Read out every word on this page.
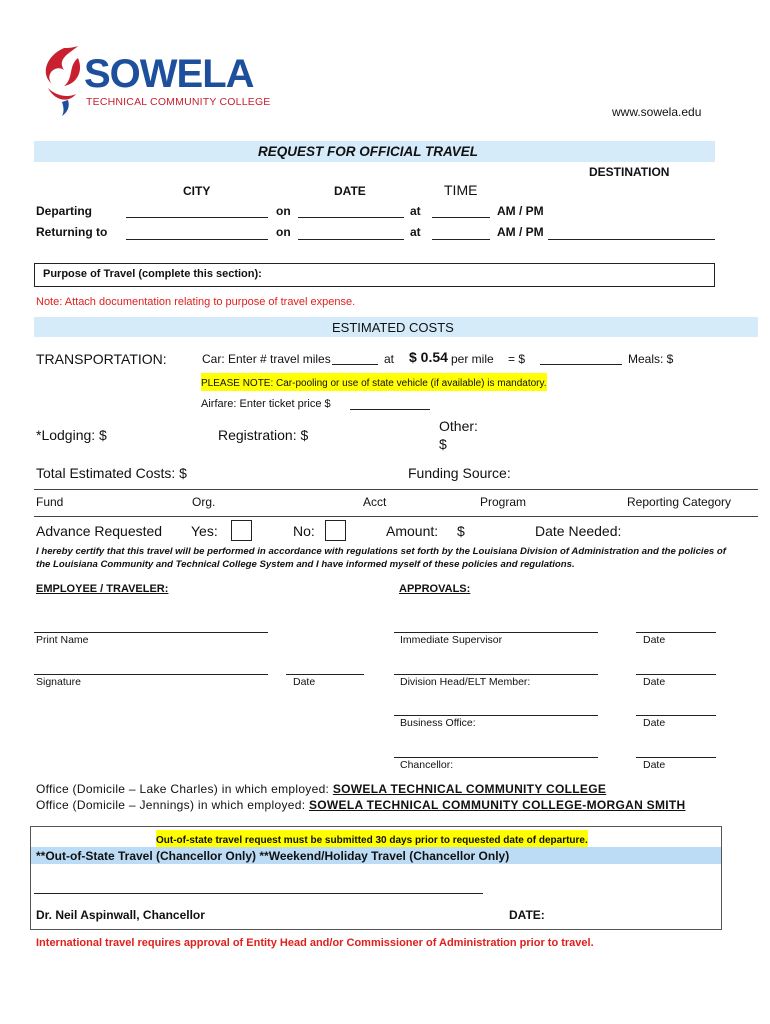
SOWELA
TECHNICAL COMMUNITY COLLEGE
www.sowela.edu
REQUEST FOR OFFICIAL TRAVEL
DESTINATION
CITY	DATE	TIME
Departing	on	at	AM / PM
Returning to	on	at	AM / PM
Purpose of Travel (complete this section):
Note: Attach documentation relating to purpose of travel expense.
ESTIMATED COSTS
TRANSPORTATION:	Car: Enter # travel miles	at $ 0.54 per mile = $	Meals: $
PLEASE NOTE: Car-pooling or use of state vehicle (if available) is mandatory.
Airfare: Enter ticket price $
*Lodging: $	Registration: $
Other:
$
Total Estimated Costs: $	Funding Source:
Fund	Org.	Acct	Program	Reporting Category
Advance Requested Yes:	No:	Amount: $	Date Needed:
I hereby certify that this travel will be performed in accordance with regulations set forth by the Louisiana Division of Administration and the policies of the Louisiana Community and Technical College System and I have informed myself of these policies and regulations.
EMPLOYEE / TRAVELER:	APPROVALS:
Print Name	Immediate Supervisor	Date
Signature	Date	Division Head/ELT Member:	Date
Business Office:	Date
Chancellor:	Date
Office (Domicile – Lake Charles) in which employed: SOWELA TECHNICAL COMMUNITY COLLEGE
Office (Domicile – Jennings) in which employed: SOWELA TECHNICAL COMMUNITY COLLEGE-MORGAN SMITH
Out-of-state travel request must be submitted 30 days prior to requested date of departure.
**Out-of-State Travel (Chancellor Only) **Weekend/Holiday Travel (Chancellor Only)
Dr. Neil Aspinwall, Chancellor	DATE:
International travel requires approval of Entity Head and/or Commissioner of Administration prior to travel.
